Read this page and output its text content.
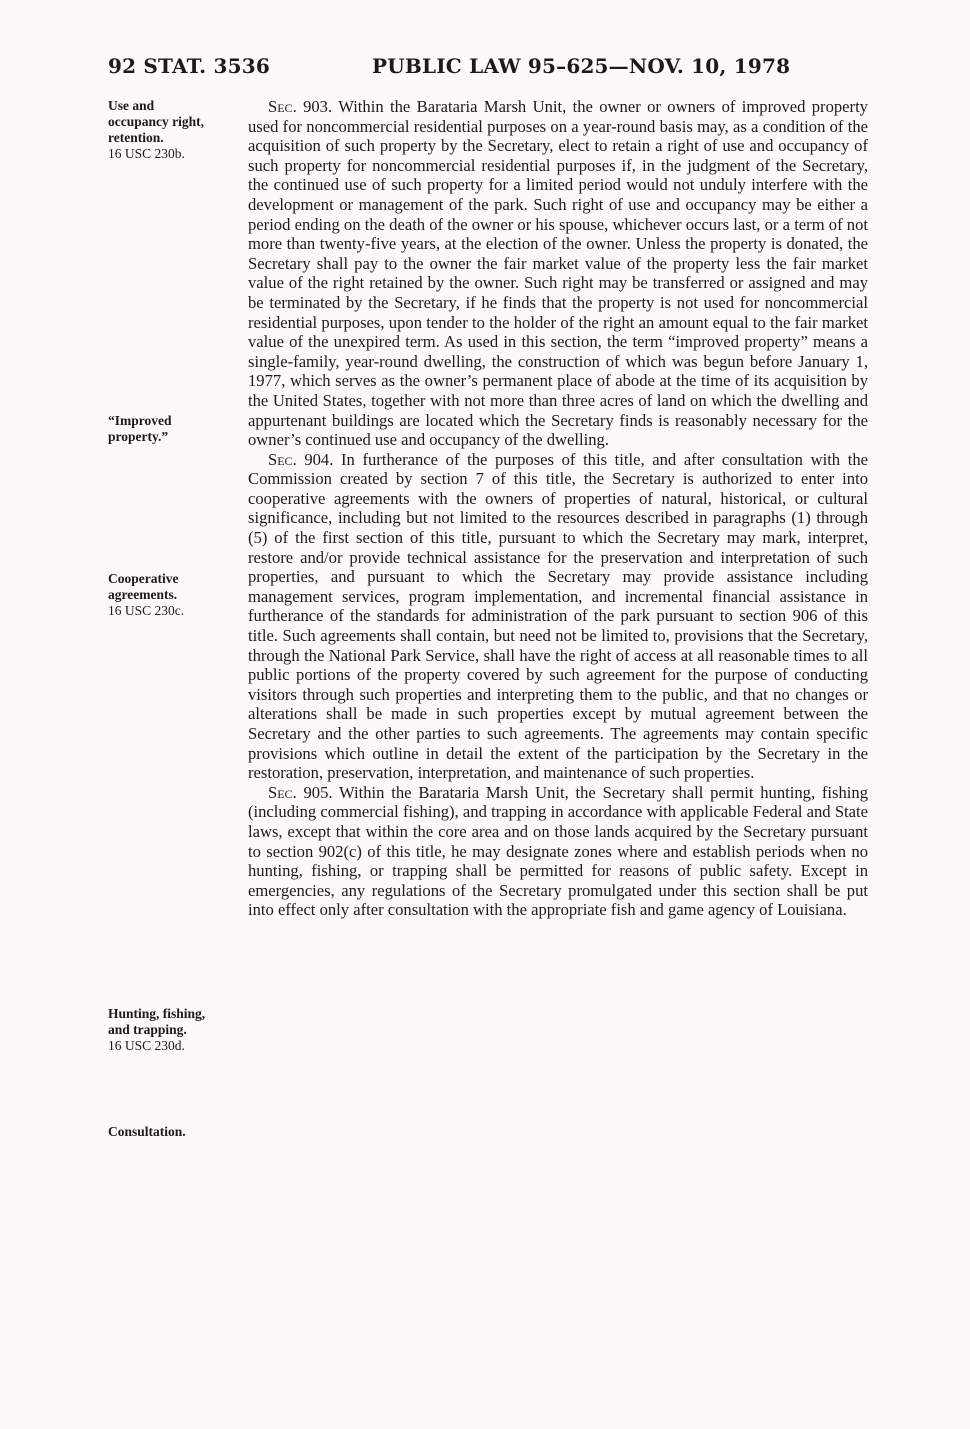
92 STAT. 3536	PUBLIC LAW 95–625—NOV. 10, 1978
Use and
occupancy right,
retention.
16 USC 230b.
“Improved
property.”
Cooperative
agreements.
16 USC 230c.
Hunting, fishing,
and trapping.
16 USC 230d.
Consultation.

Sec. 903. Within the Barataria Marsh Unit, the owner or owners of improved property used for noncommercial residential purposes on a year-round basis may, as a condition of the acquisition of such property by the Secretary, elect to retain a right of use and occupancy of such property for noncommercial residential purposes if, in the judgment of the Secretary, the continued use of such property for a limited period would not unduly interfere with the development or management of the park. Such right of use and occupancy may be either a period ending on the death of the owner or his spouse, whichever occurs last, or a term of not more than twenty-five years, at the election of the owner. Unless the property is donated, the Secretary shall pay to the owner the fair market value of the property less the fair market value of the right retained by the owner. Such right may be transferred or assigned and may be terminated by the Secretary, if he finds that the property is not used for noncommercial residential purposes, upon tender to the holder of the right an amount equal to the fair market value of the unexpired term. As used in this section, the term “improved property” means a single-family, year-round dwelling, the construction of which was begun before January 1, 1977, which serves as the owner’s permanent place of abode at the time of its acquisition by the United States, together with not more than three acres of land on which the dwelling and appurtenant buildings are located which the Secretary finds is reasonably necessary for the owner’s continued use and occupancy of the dwelling.

Sec. 904. In furtherance of the purposes of this title, and after consultation with the Commission created by section 7 of this title, the Secretary is authorized to enter into cooperative agreements with the owners of properties of natural, historical, or cultural significance, including but not limited to the resources described in paragraphs (1) through (5) of the first section of this title, pursuant to which the Secretary may mark, interpret, restore and/or provide technical assistance for the preservation and interpretation of such properties, and pursuant to which the Secretary may provide assistance including management services, program implementation, and incremental financial assistance in furtherance of the standards for administration of the park pursuant to section 906 of this title. Such agreements shall contain, but need not be limited to, provisions that the Secretary, through the National Park Service, shall have the right of access at all reasonable times to all public portions of the property covered by such agreement for the purpose of conducting visitors through such properties and interpreting them to the public, and that no changes or alterations shall be made in such properties except by mutual agreement between the Secretary and the other parties to such agreements. The agreements may contain specific provisions which outline in detail the extent of the participation by the Secretary in the restoration, preservation, interpretation, and maintenance of such properties.

Sec. 905. Within the Barataria Marsh Unit, the Secretary shall permit hunting, fishing (including commercial fishing), and trapping in accordance with applicable Federal and State laws, except that within the core area and on those lands acquired by the Secretary pursuant to section 902(c) of this title, he may designate zones where and establish periods when no hunting, fishing, or trapping shall be permitted for reasons of public safety. Except in emergencies, any regulations of the Secretary promulgated under this section shall be put into effect only after consultation with the appropriate fish and game agency of Louisiana.
